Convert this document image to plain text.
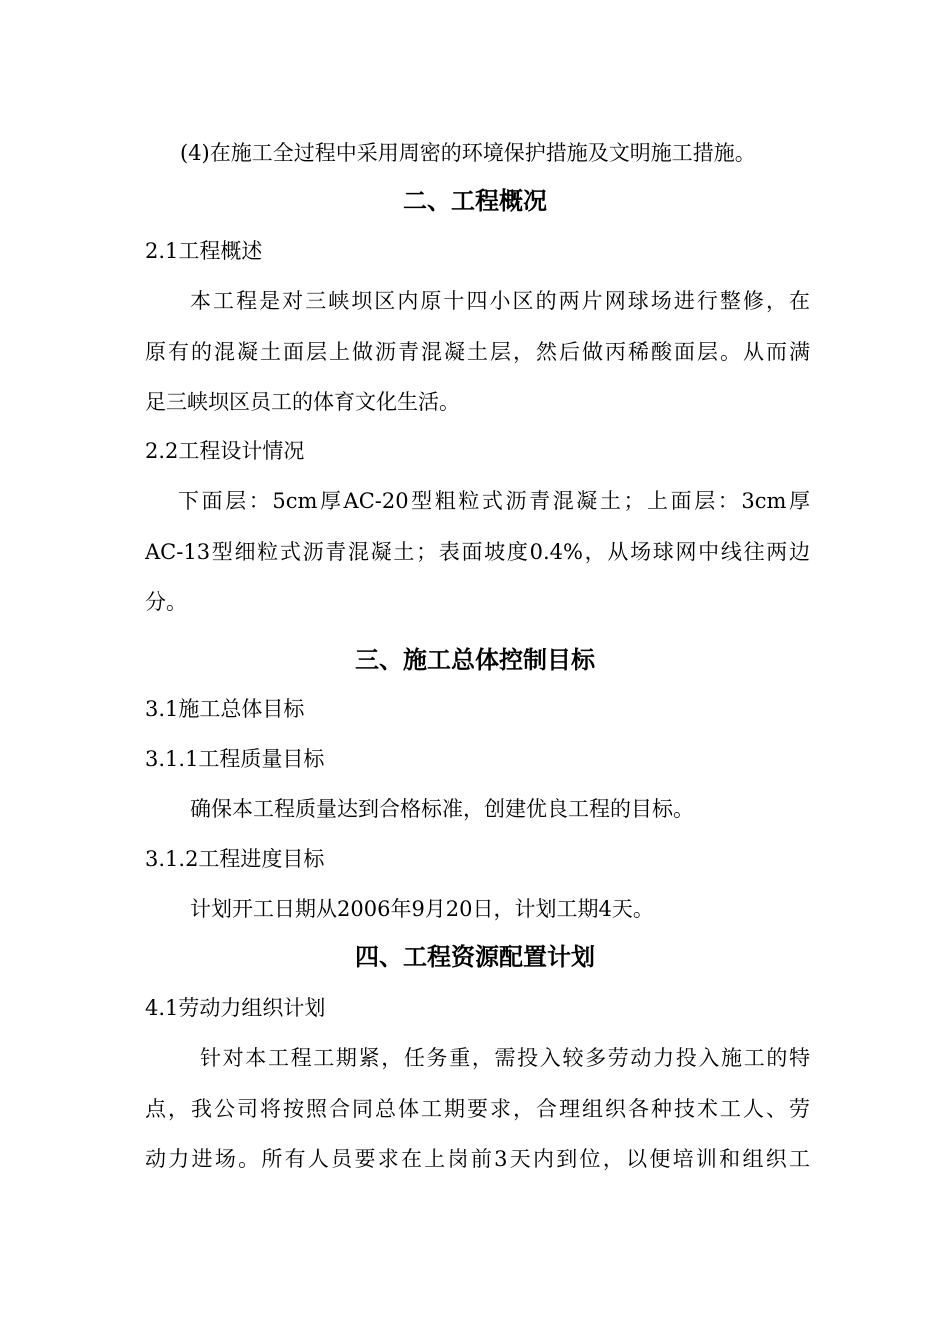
(4)在施工全过程中采用周密的环境保护措施及文明施工措施。
二、工程概况
2.1工程概述
本工程是对三峡坝区内原十四小区的两片网球场进行整修，在
原有的混凝土面层上做沥青混凝土层，然后做丙稀酸面层。从而满
足三峡坝区员工的体育文化生活。
2.2工程设计情况
下面层：5cm厚AC-20型粗粒式沥青混凝土；上面层：3cm厚
AC-13型细粒式沥青混凝土；表面坡度0.4%，从场球网中线往两边
分。
三、施工总体控制目标
3.1施工总体目标
3.1.1工程质量目标
确保本工程质量达到合格标准，创建优良工程的目标。
3.1.2工程进度目标
计划开工日期从2006年9月20日，计划工期4天。
四、工程资源配置计划
4.1劳动力组织计划
针对本工程工期紧，任务重，需投入较多劳动力投入施工的特
点，我公司将按照合同总体工期要求，合理组织各种技术工人、劳
动力进场。所有人员要求在上岗前3天内到位，以便培训和组织工
